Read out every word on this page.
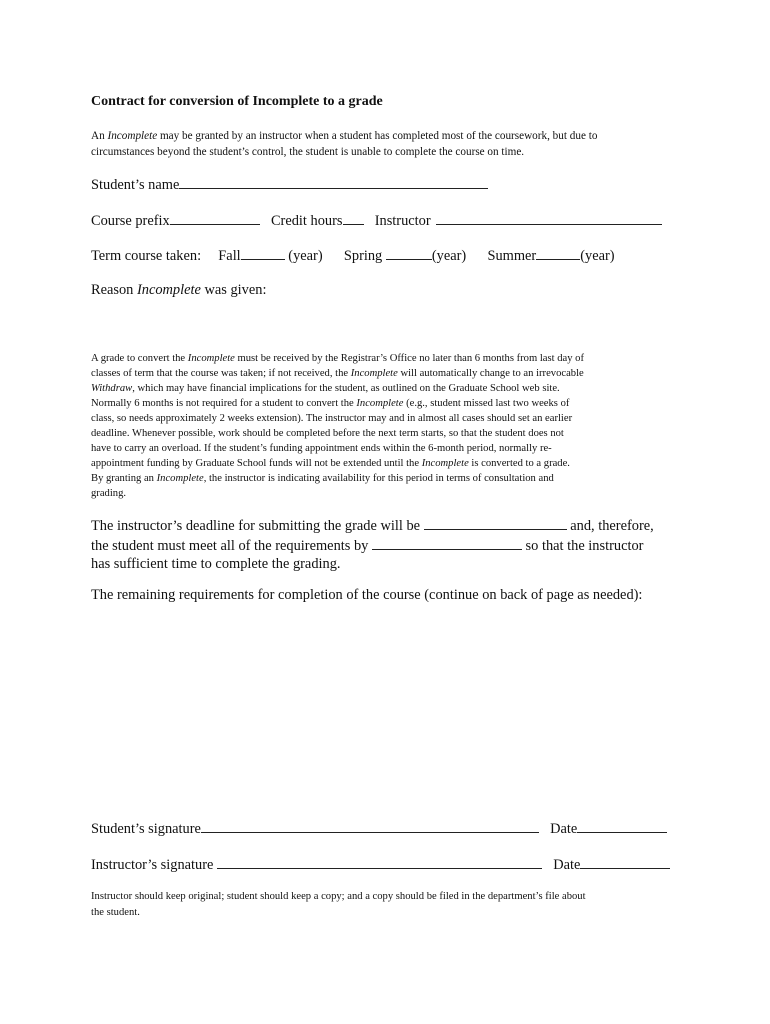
Contract for conversion of Incomplete to a grade
An Incomplete may be granted by an instructor when a student has completed most of the coursework, but due to
circumstances beyond the student’s control, the student is unable to complete the course on time.
Student’s name
Course prefix	Credit hours Instructor
Term course taken: Fall	(year) Spring	(year) Summer	(year)
Reason Incomplete was given:
A grade to convert the Incomplete must be received by the Registrar’s Office no later than 6 months from last day of
classes of term that the course was taken; if not received, the Incomplete will automatically change to an irrevocable
Withdraw, which may have financial implications for the student, as outlined on the Graduate School web site.
Normally 6 months is not required for a student to convert the Incomplete (e.g., student missed last two weeks of
class, so needs approximately 2 weeks extension). The instructor may and in almost all cases should set an earlier
deadline. Whenever possible, work should be completed before the next term starts, so that the student does not
have to carry an overload. If the student’s funding appointment ends within the 6-month period, normally re-
appointment funding by Graduate School funds will not be extended until the Incomplete is converted to a grade.
By granting an Incomplete, the instructor is indicating availability for this period in terms of consultation and
grading.
The instructor’s deadline for submitting the grade will be	and, therefore,
the student must meet all of the requirements by	so that the instructor
has sufficient time to complete the grading.
The remaining requirements for completion of the course (continue on back of page as needed):
Student’s signature	Date
Instructor’s signature	Date
Instructor should keep original; student should keep a copy; and a copy should be filed in the department’s file about
the student.
